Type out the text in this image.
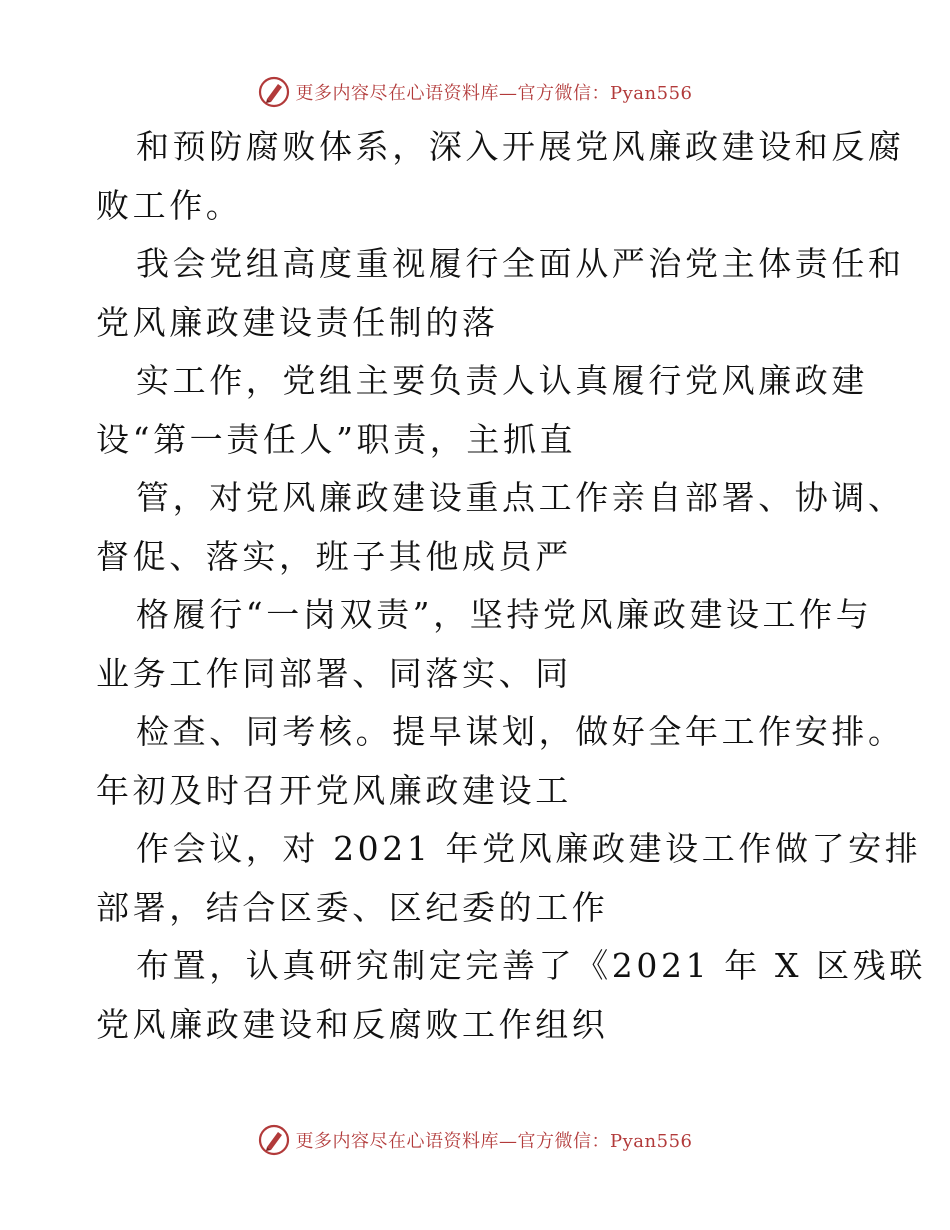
更多内容尽在心语资料库—官方微信：Pyan556
和预防腐败体系，深入开展党风廉政建设和反腐
败工作。
我会党组高度重视履行全面从严治党主体责任和
党风廉政建设责任制的落
实工作，党组主要负责人认真履行党风廉政建
设“第一责任人”职责，主抓直
管，对党风廉政建设重点工作亲自部署、协调、
督促、落实，班子其他成员严
格履行“一岗双责”，坚持党风廉政建设工作与
业务工作同部署、同落实、同
检查、同考核。提早谋划，做好全年工作安排。
年初及时召开党风廉政建设工
作会议，对 2021 年党风廉政建设工作做了安排
部署，结合区委、区纪委的工作
布置，认真研究制定完善了《2021 年 X 区残联
党风廉政建设和反腐败工作组织
更多内容尽在心语资料库—官方微信：Pyan556
